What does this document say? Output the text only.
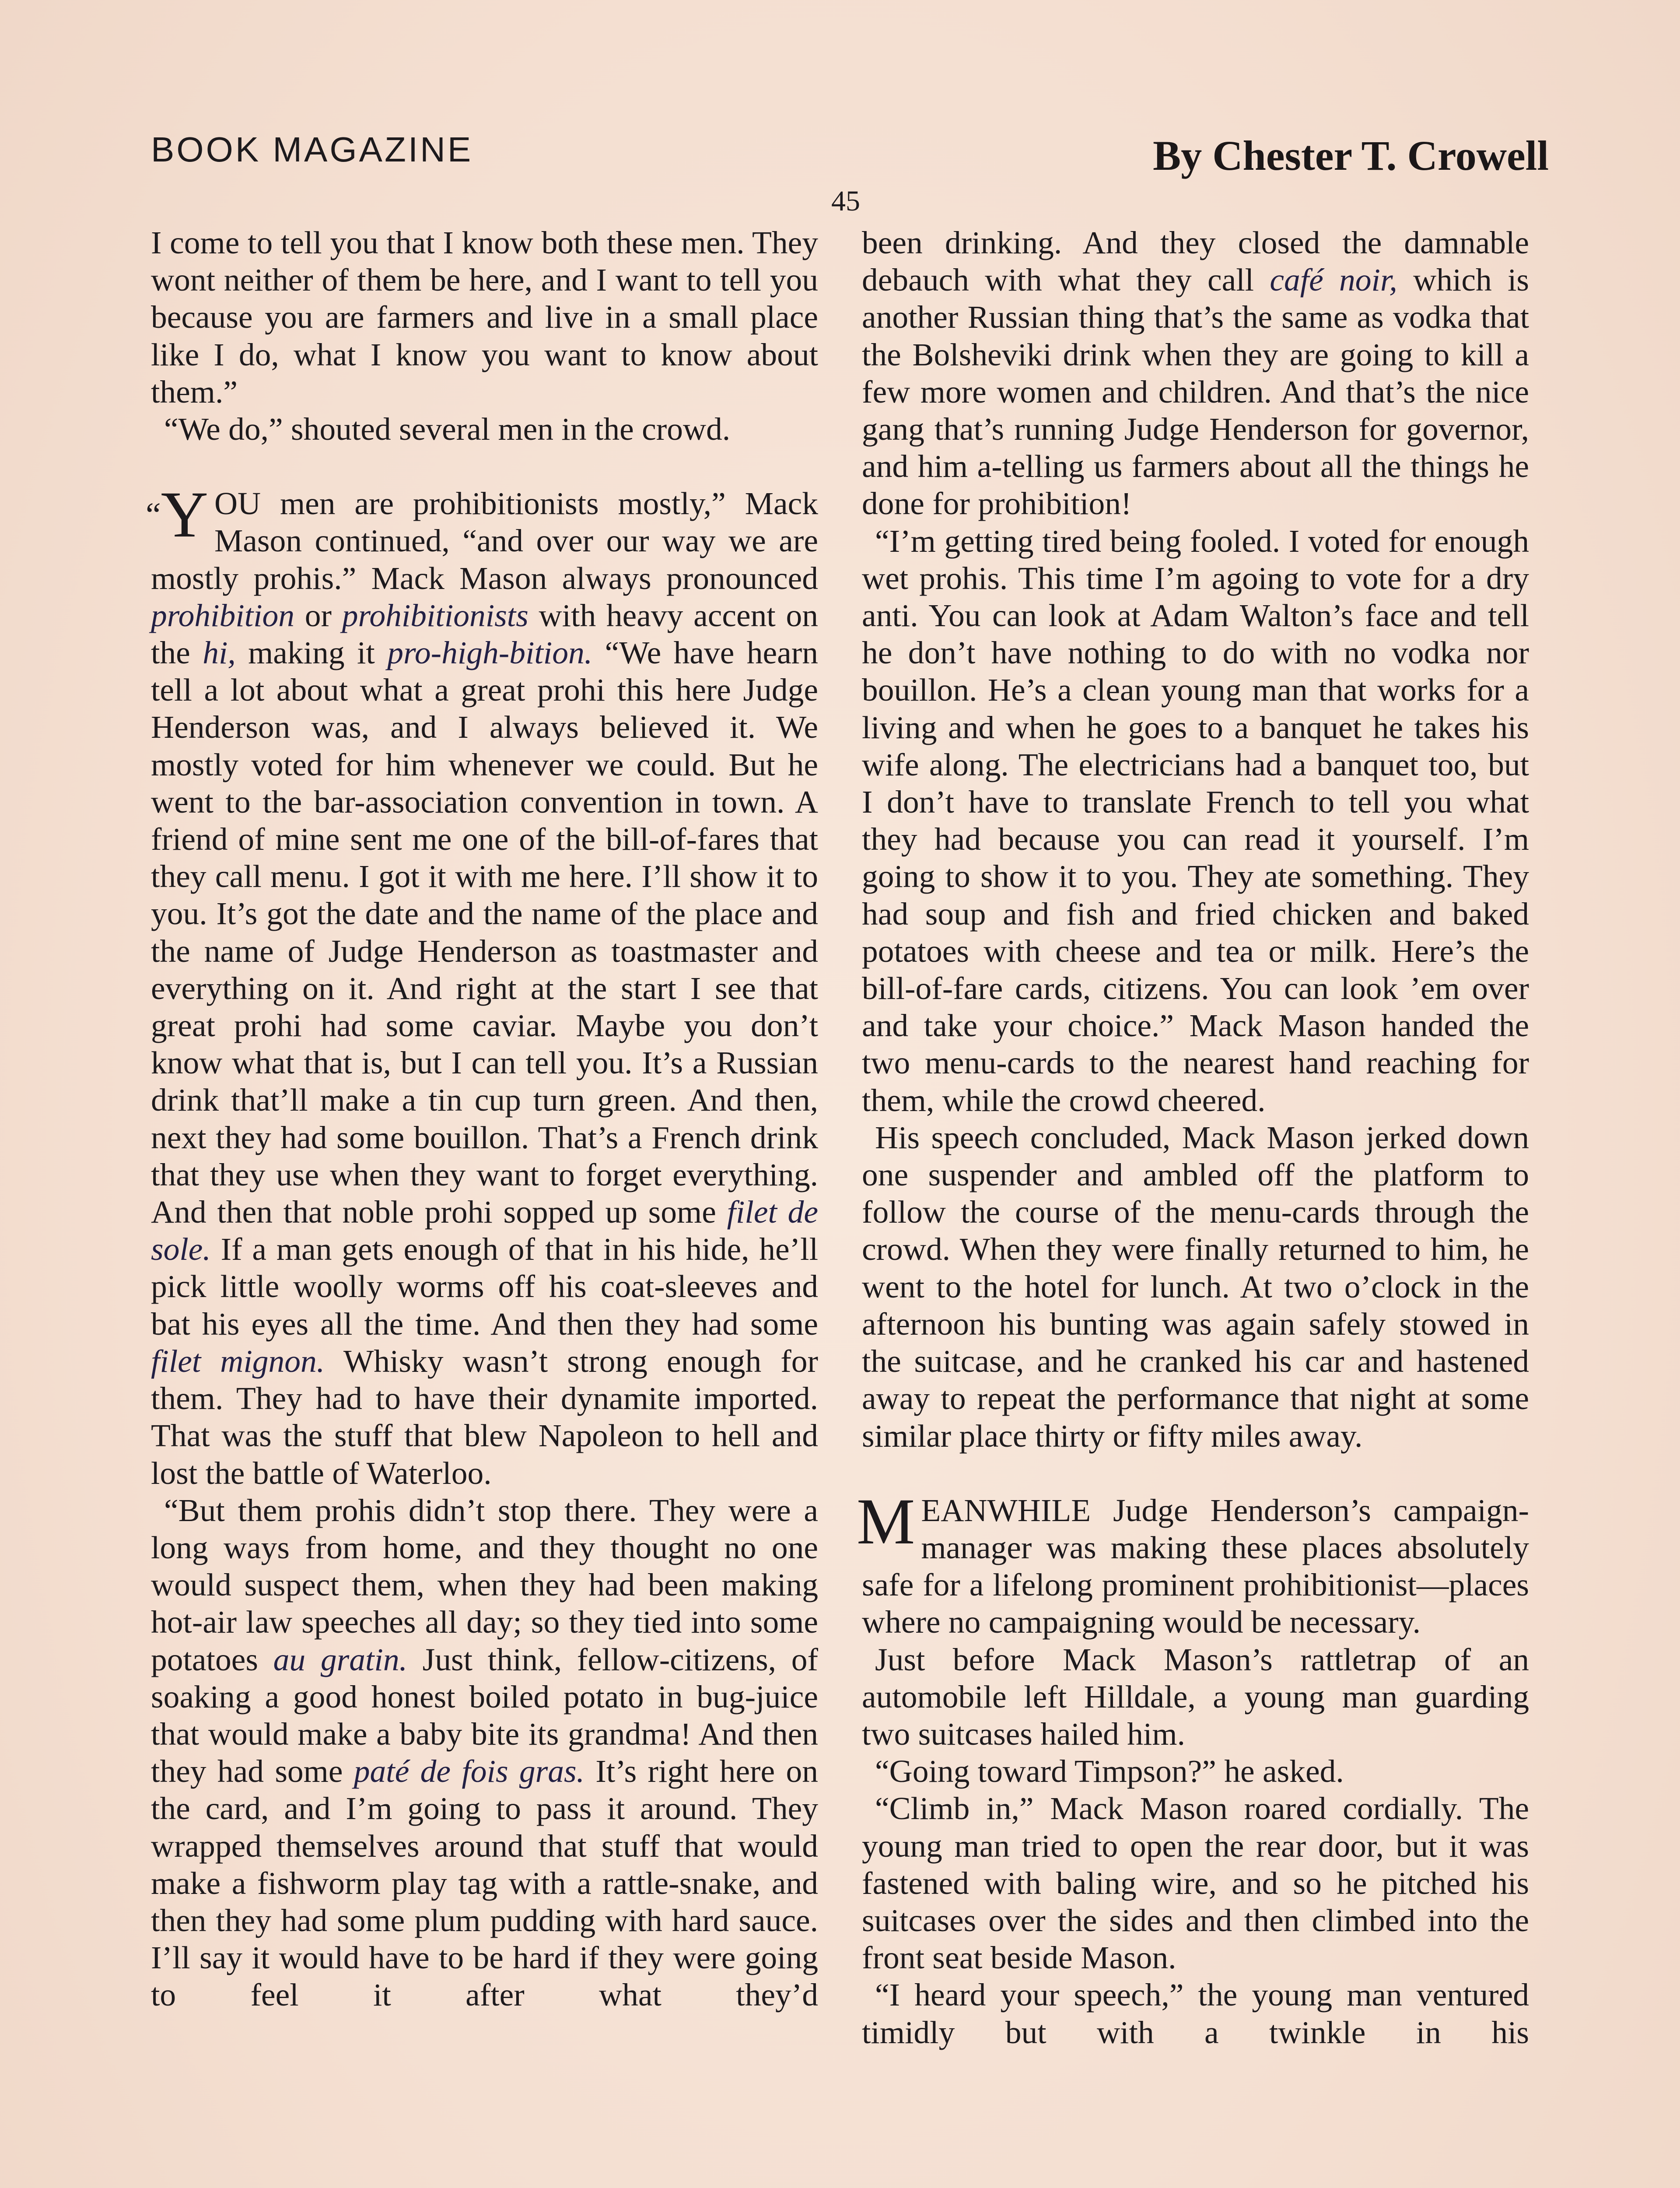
BOOK MAGAZINE	By Chester T. Crowell
45

I come to tell you that I know both these men. They wont neither of them be here, and I want to tell you because you are farmers and live in a small place like I do, what I know you want to know about them.”

“We do,” shouted several men in the crowd.

“Y OU men are prohibitionists mostly,” Mack Mason continued, “and over our way we are mostly prohis.” Mack Mason always pronounced prohibition or prohibitionists with heavy accent on the hi, making it pro-high-bition. “We have hearn tell a lot about what a great prohi this here Judge Henderson was, and I always believed it. We mostly voted for him whenever we could. But he went to the bar-association convention in town. A friend of mine sent me one of the bill-of-fares that they call menu. I got it with me here. I’ll show it to you. It’s got the date and the name of the place and the name of Judge Henderson as toastmaster and everything on it. And right at the start I see that great prohi had some caviar. Maybe you don’t know what that is, but I can tell you. It’s a Russian drink that’ll make a tin cup turn green. And then, next they had some bouillon. That’s a French drink that they use when they want to forget everything. And then that noble prohi sopped up some filet de sole. If a man gets enough of that in his hide, he’ll pick little woolly worms off his coat-sleeves and bat his eyes all the time. And then they had some filet mignon. Whisky wasn’t strong enough for them. They had to have their dynamite imported. That was the stuff that blew Napoleon to hell and lost the battle of Waterloo.

“But them prohis didn’t stop there. They were a long ways from home, and they thought no one would suspect them, when they had been making hot-air law speeches all day; so they tied into some potatoes au gratin. Just think, fellow-citizens, of soaking a good honest boiled potato in bug-juice that would make a baby bite its grandma! And then they had some paté de fois gras. It’s right here on the card, and I’m going to pass it around. They wrapped themselves around that stuff that would make a fishworm play tag with a rattle-snake, and then they had some plum pudding with hard sauce. I’ll say it would have to be hard if they were going to feel it after what they’d

been drinking. And they closed the damnable debauch with what they call café noir, which is another Russian thing that’s the same as vodka that the Bolsheviki drink when they are going to kill a few more women and children. And that’s the nice gang that’s running Judge Henderson for governor, and him a-telling us farmers about all the things he done for prohibition!

“I’m getting tired being fooled. I voted for enough wet prohis. This time I’m agoing to vote for a dry anti. You can look at Adam Walton’s face and tell he don’t have nothing to do with no vodka nor bouillon. He’s a clean young man that works for a living and when he goes to a banquet he takes his wife along. The electricians had a banquet too, but I don’t have to translate French to tell you what they had because you can read it yourself. I’m going to show it to you. They ate something. They had soup and fish and fried chicken and baked potatoes with cheese and tea or milk. Here’s the bill-of-fare cards, citizens. You can look ’em over and take your choice.” Mack Mason handed the two menu-cards to the nearest hand reaching for them, while the crowd cheered.

His speech concluded, Mack Mason jerked down one suspender and ambled off the platform to follow the course of the menu-cards through the crowd. When they were finally returned to him, he went to the hotel for lunch. At two o’clock in the afternoon his bunting was again safely stowed in the suitcase, and he cranked his car and hastened away to repeat the performance that night at some similar place thirty or fifty miles away.

MEANWHILE Judge Henderson’s campaign-manager was making these places absolutely safe for a lifelong prominent prohibitionist—places where no campaigning would be necessary.

Just before Mack Mason’s rattletrap of an automobile left Hilldale, a young man guarding two suitcases hailed him.

“Going toward Timpson?” he asked.

“Climb in,” Mack Mason roared cordially. The young man tried to open the rear door, but it was fastened with baling wire, and so he pitched his suitcases over the sides and then climbed into the front seat beside Mason.

“I heard your speech,” the young man ventured timidly but with a twinkle in his
